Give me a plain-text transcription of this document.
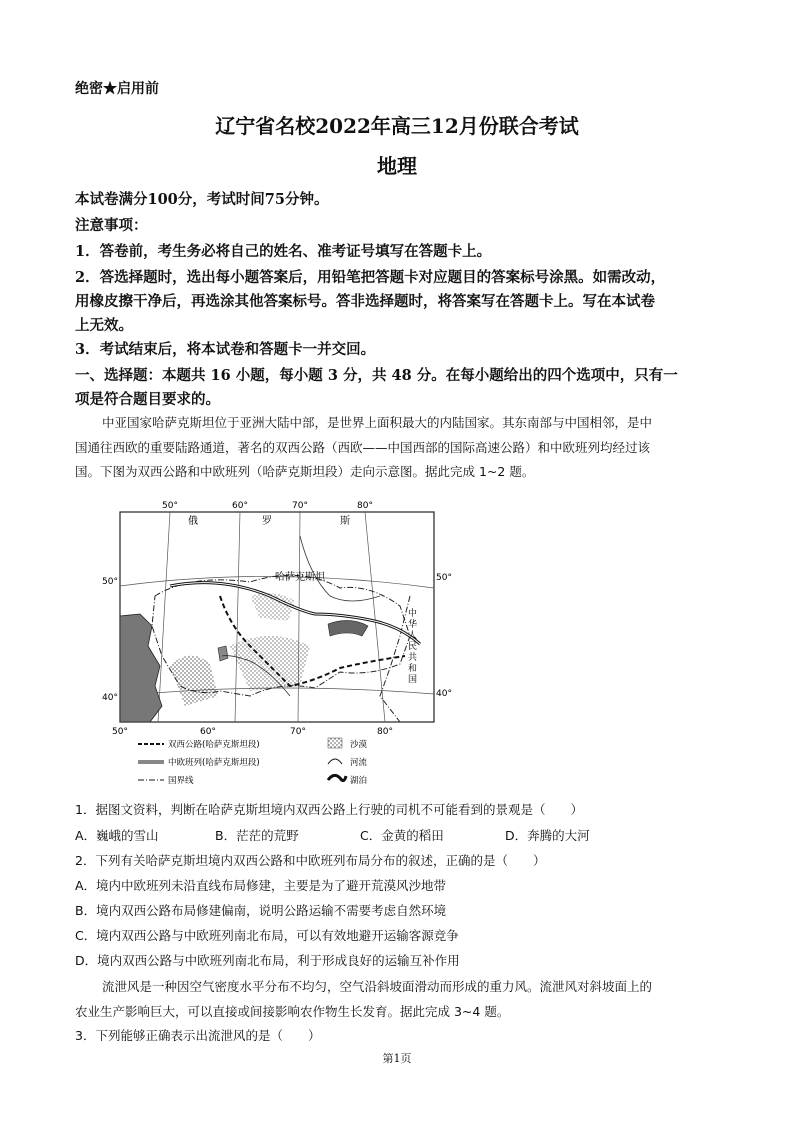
绝密★启用前
辽宁省名校2022年高三12月份联合考试
地理
本试卷满分100分，考试时间75分钟。
注意事项：
1．答卷前，考生务必将自己的姓名、准考证号填写在答题卡上。
2．答选择题时，选出每小题答案后，用铅笔把答题卡对应题目的答案标号涂黑。如需改动，
用橡皮擦干净后，再选涂其他答案标号。答非选择题时，将答案写在答题卡上。写在本试卷
上无效。
3．考试结束后，将本试卷和答题卡一并交回。
一、选择题：本题共 16 小题，每小题 3 分，共 48 分。在每小题给出的四个选项中，只有一
项是符合题目要求的。
中亚国家哈萨克斯坦位于亚洲大陆中部，是世界上面积最大的内陆国家。其东南部与中国相邻，是中
国通往西欧的重要陆路通道，著名的双西公路（西欧——中国西部的国际高速公路）和中欧班列均经过该
国。下图为双西公路和中欧班列（哈萨克斯坦段）走向示意图。据此完成 1~2 题。
50°	60°	70°	80°
50°	60°	70°	80°
50°
40°
50°
40°
俄	罗	斯
哈萨克斯坦
中
华
人
民
共
和
国
双西公路(哈萨克斯坦段)
中欧班列(哈萨克斯坦段)
国界线
沙漠
河流
湖泊
1．据图文资料，判断在哈萨克斯坦境内双西公路上行驶的司机不可能看到的景观是（　　）
A．巍峨的雪山	B．茫茫的荒野	C．金黄的稻田	D．奔腾的大河
2．下列有关哈萨克斯坦境内双西公路和中欧班列布局分布的叙述，正确的是（　　）
A．境内中欧班列未沿直线布局修建，主要是为了避开荒漠风沙地带
B．境内双西公路布局修建偏南，说明公路运输不需要考虑自然环境
C．境内双西公路与中欧班列南北布局，可以有效地避开运输客源竞争
D．境内双西公路与中欧班列南北布局，利于形成良好的运输互补作用
流泄风是一种因空气密度水平分布不均匀，空气沿斜坡面滑动而形成的重力风。流泄风对斜坡面上的
农业生产影响巨大，可以直接或间接影响农作物生长发育。据此完成 3~4 题。
3．下列能够正确表示出流泄风的是（　　）
第1页
